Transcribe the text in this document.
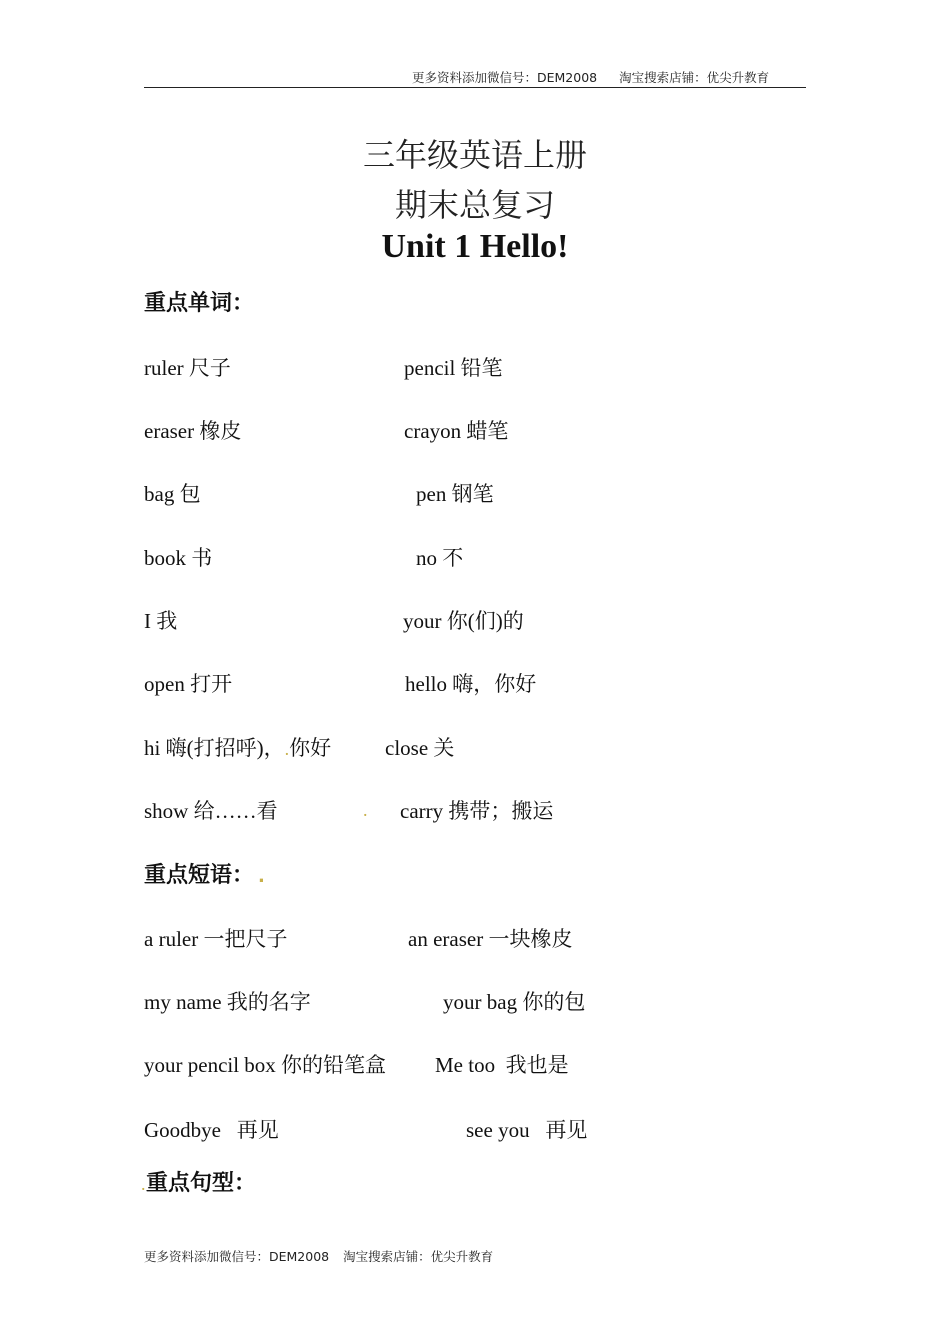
更多资料添加微信号：DEM2008 淘宝搜索店铺：优尖升教育
三年级英语上册
期末总复习
Unit 1 Hello!
重点单词：
ruler 尺子	pencil 铅笔
eraser 橡皮	crayon 蜡笔
bag 包	pen 钢笔
book 书	no 不
I 我	your 你(们)的
open 打开	hello 嗨，你好
hi 嗨(打招呼)，.你好	close 关
show 给……看	. carry 携带；搬运
重点短语： .
a ruler 一把尺子	an eraser 一块橡皮
my name 我的名字	your bag 你的包
your pencil box 你的铅笔盒 Me too  我也是
Goodbye   再见	see you   再见
. 重点句型：
更多资料添加微信号：DEM2008 淘宝搜索店铺：优尖升教育
